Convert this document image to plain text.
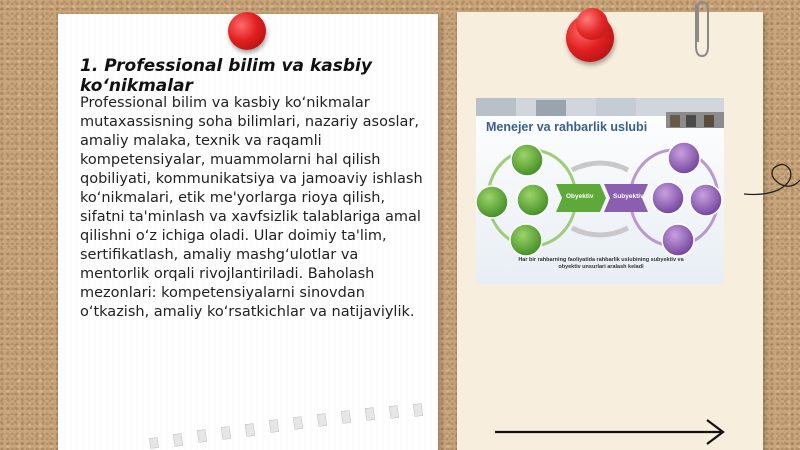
1. Professional bilim va kasbiy ko‘nikmalar
Professional bilim va kasbiy ko‘nikmalar mutaxassisning soha bilimlari, nazariy asoslar, amaliy malaka, texnik va raqamli kompetensiyalar, muammolarni hal qilish qobiliyati, kommunikatsiya va jamoaviy ishlash ko‘nikmalari, etik me'yorlarga rioya qilish, sifatni ta'minlash va xavfsizlik talablariga amal qilishni o‘z ichiga oladi. Ular doimiy ta'lim, sertifikatlash, amaliy mashg‘ulotlar va mentorlik orqali rivojlantiriladi. Baholash mezonlari: kompetensiyalarni sinovdan o‘tkazish, amaliy ko‘rsatkichlar va natijaviylik.
Menejer va rahbarlik uslubi
Obyektiv	Subyektiv
Har bir rahbarning faoliyatida rahbarlik uslubining subyektiv va obyektiv unsurlari aralash keladi
